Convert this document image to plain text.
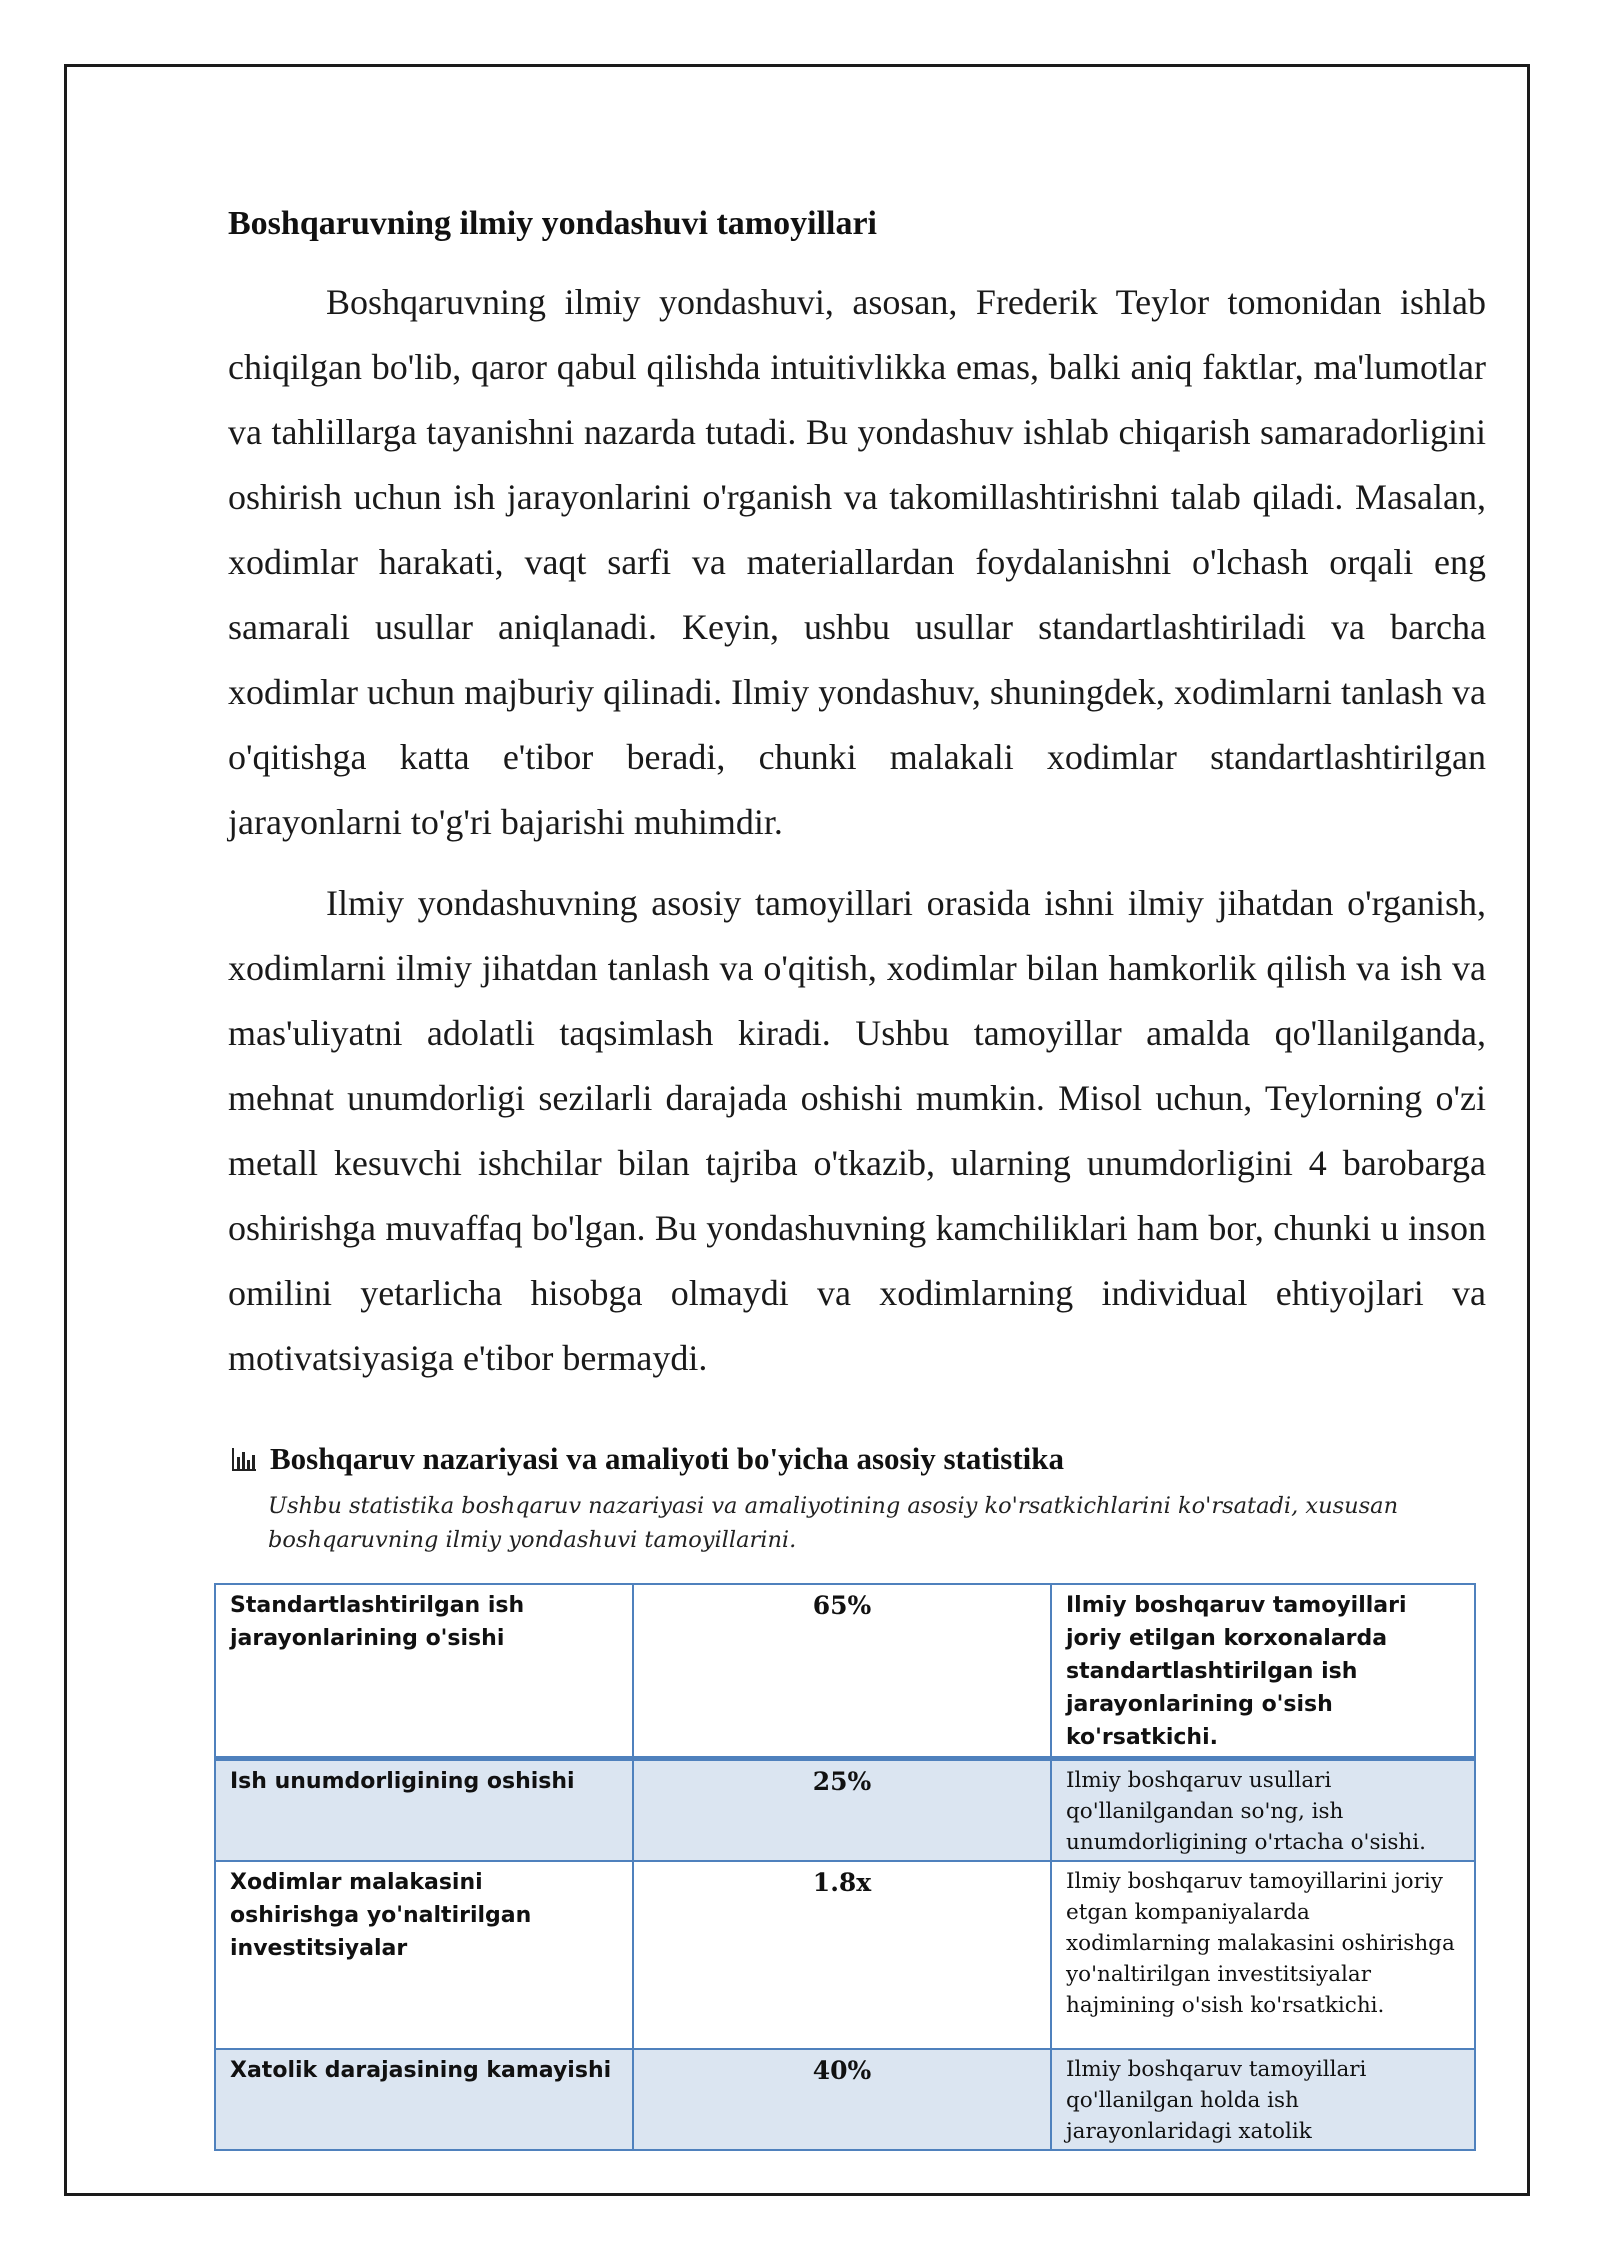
Boshqaruvning ilmiy yondashuvi tamoyillari

Boshqaruvning ilmiy yondashuvi, asosan, Frederik Teylor tomonidan ishlab chiqilgan bo'lib, qaror qabul qilishda intuitivlikka emas, balki aniq faktlar, ma'lumotlar va tahlillarga tayanishni nazarda tutadi. Bu yondashuv ishlab chiqarish samaradorligini oshirish uchun ish jarayonlarini o'rganish va takomillashtirishni talab qiladi. Masalan, xodimlar harakati, vaqt sarfi va materiallardan foydalanishni o'lchash orqali eng samarali usullar aniqlanadi. Keyin, ushbu usullar standartlashtiriladi va barcha xodimlar uchun majburiy qilinadi. Ilmiy yondashuv, shuningdek, xodimlarni tanlash va o'qitishga katta e'tibor beradi, chunki malakali xodimlar standartlashtirilgan jarayonlarni to'g'ri bajarishi muhimdir.

Ilmiy yondashuvning asosiy tamoyillari orasida ishni ilmiy jihatdan o'rganish, xodimlarni ilmiy jihatdan tanlash va o'qitish, xodimlar bilan hamkorlik qilish va ish va mas'uliyatni adolatli taqsimlash kiradi. Ushbu tamoyillar amalda qo'llanilganda, mehnat unumdorligi sezilarli darajada oshishi mumkin. Misol uchun, Teylorning o'zi metall kesuvchi ishchilar bilan tajriba o'tkazib, ularning unumdorligini 4 barobarga oshirishga muvaffaq bo'lgan. Bu yondashuvning kamchiliklari ham bor, chunki u inson omilini yetarlicha hisobga olmaydi va xodimlarning individual ehtiyojlari va motivatsiyasiga e'tibor bermaydi.

Boshqaruv nazariyasi va amaliyoti bo'yicha asosiy statistika
Ushbu statistika boshqaruv nazariyasi va amaliyotining asosiy ko'rsatkichlarini ko'rsatadi, xususan boshqaruvning ilmiy yondashuvi tamoyillarini.
Standartlashtirilgan ish jarayonlarining o'sishi	65%	Ilmiy boshqaruv tamoyillari joriy etilgan korxonalarda standartlashtirilgan ish jarayonlarining o'sish ko'rsatkichi.
Ish unumdorligining oshishi	25%	Ilmiy boshqaruv usullari qo'llanilgandan so'ng, ish unumdorligining o'rtacha o'sishi.
Xodimlar malakasini oshirishga yo'naltirilgan investitsiyalar	1.8x	Ilmiy boshqaruv tamoyillarini joriy etgan kompaniyalarda xodimlarning malakasini oshirishga yo'naltirilgan investitsiyalar hajmining o'sish ko'rsatkichi.
Xatolik darajasining kamayishi	40%	Ilmiy boshqaruv tamoyillari qo'llanilgan holda ish jarayonlaridagi xatolik
